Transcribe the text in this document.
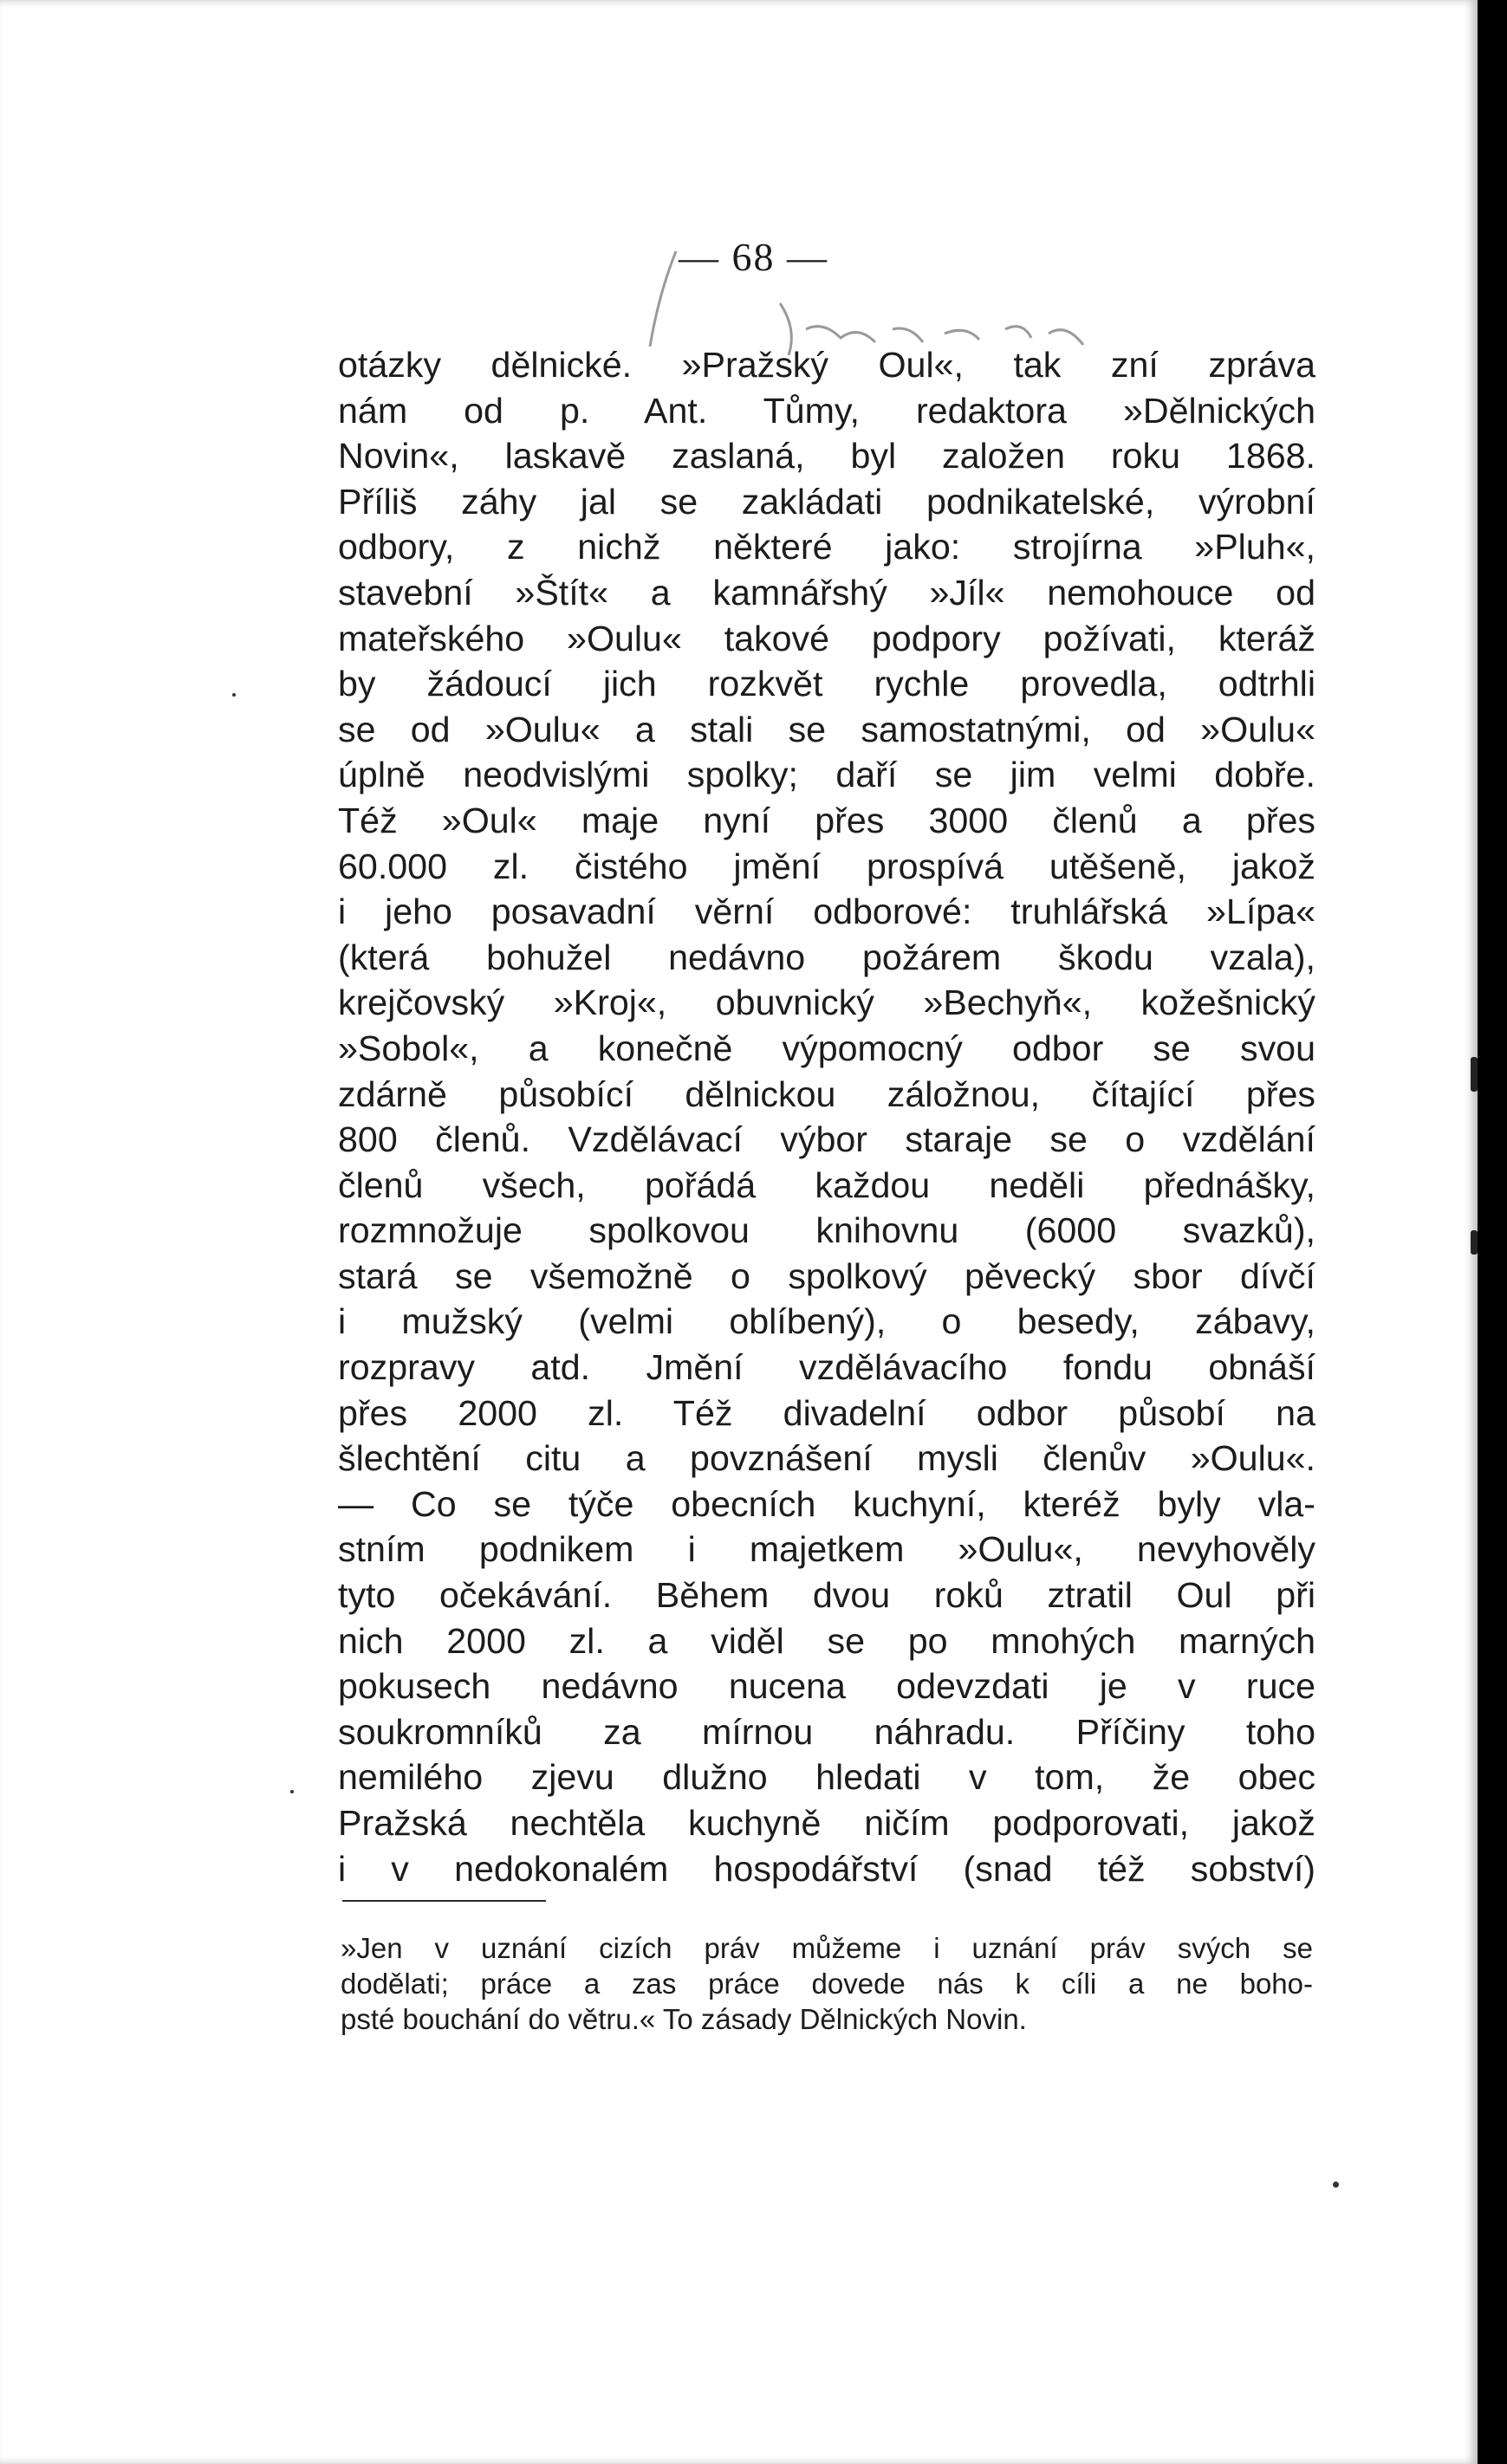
— 68 —
otázky dělnické. »Pražský Oul«, tak zní zpráva
nám od p. Ant. Tůmy, redaktora »Dělnických
Novin«, laskavě zaslaná, byl založen roku 1868.
Příliš záhy jal se zakládati podnikatelské, výrobní
odbory, z nichž některé jako: strojírna »Pluh«,
stavební »Štít« a kamnářshý »Jíl« nemohouce od
mateřského »Oulu« takové podpory požívati, kteráž
by žádoucí jich rozkvět rychle provedla, odtrhli
se od »Oulu« a stali se samostatnými, od »Oulu«
úplně neodvislými spolky; daří se jim velmi dobře.
Též »Oul« maje nyní přes 3000 členů a přes
60.000 zl. čistého jmění prospívá utěšeně, jakož
i jeho posavadní věrní odborové: truhlářská »Lípa«
(která bohužel nedávno požárem škodu vzala),
krejčovský »Kroj«, obuvnický »Bechyň«, kožešnický
»Sobol«, a konečně výpomocný odbor se svou
zdárně působící dělnickou záložnou, čítající přes
800 členů. Vzdělávací výbor staraje se o vzdělání
členů všech, pořádá každou neděli přednášky,
rozmnožuje spolkovou knihovnu (6000 svazků),
stará se všemožně o spolkový pěvecký sbor dívčí
i mužský (velmi oblíbený), o besedy, zábavy,
rozpravy atd. Jmění vzdělávacího fondu obnáší
přes 2000 zl. Též divadelní odbor působí na
šlechtění citu a povznášení mysli členův »Oulu«.
— Co se týče obecních kuchyní, kteréž byly vla-
stním podnikem i majetkem »Oulu«, nevyhověly
tyto očekávání. Během dvou roků ztratil Oul při
nich 2000 zl. a viděl se po mnohých marných
pokusech nedávno nucena odevzdati je v ruce
soukromníků za mírnou náhradu. Příčiny toho
nemilého zjevu dlužno hledati v tom, že obec
Pražská nechtěla kuchyně ničím podporovati, jakož
i v nedokonalém hospodářství (snad též sobství)
»Jen v uznání cizích práv můžeme i uznání práv svých se
dodělati; práce a zas práce dovede nás k cíli a ne boho-
psté bouchání do větru.« To zásady Dělnických Novin.
